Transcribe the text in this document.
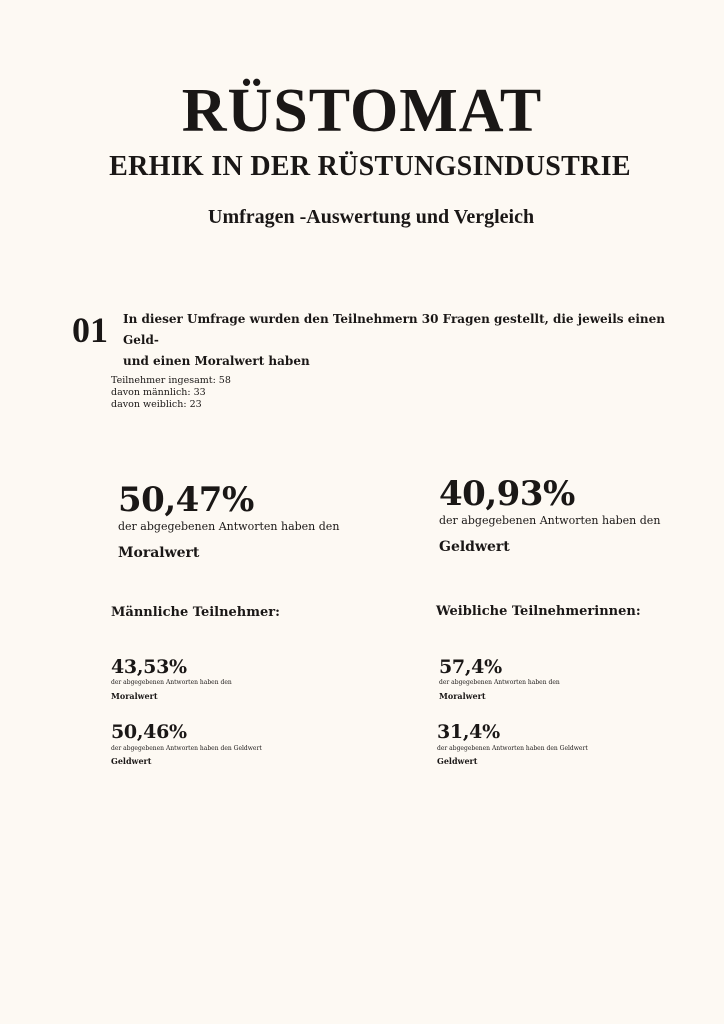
RÜSTOMAT
ERHIK IN DER RÜSTUNGSINDUSTRIE
Umfragen -Auswertung und Vergleich
01 In dieser Umfrage wurden den Teilnehmern 30 Fragen gestellt, die jeweils einen Geld-
und einen Moralwert haben
Teilnehmer ingesamt: 58
davon männlich: 33
davon weiblich: 23
50,47%
der abgegebenen Antworten haben den
Moralwert
40,93%
der abgegebenen Antworten haben den
Geldwert
Männliche Teilnehmer:	Weibliche Teilnehmerinnen:
43,53%
der abgegebenen Antworten haben den
Moralwert
50,46%
der abgegebenen Antworten haben den Geldwert
Geldwert
57,4%
der abgegebenen Antworten haben den
Moralwert
31,4%
der abgegebenen Antworten haben den Geldwert
Geldwert
